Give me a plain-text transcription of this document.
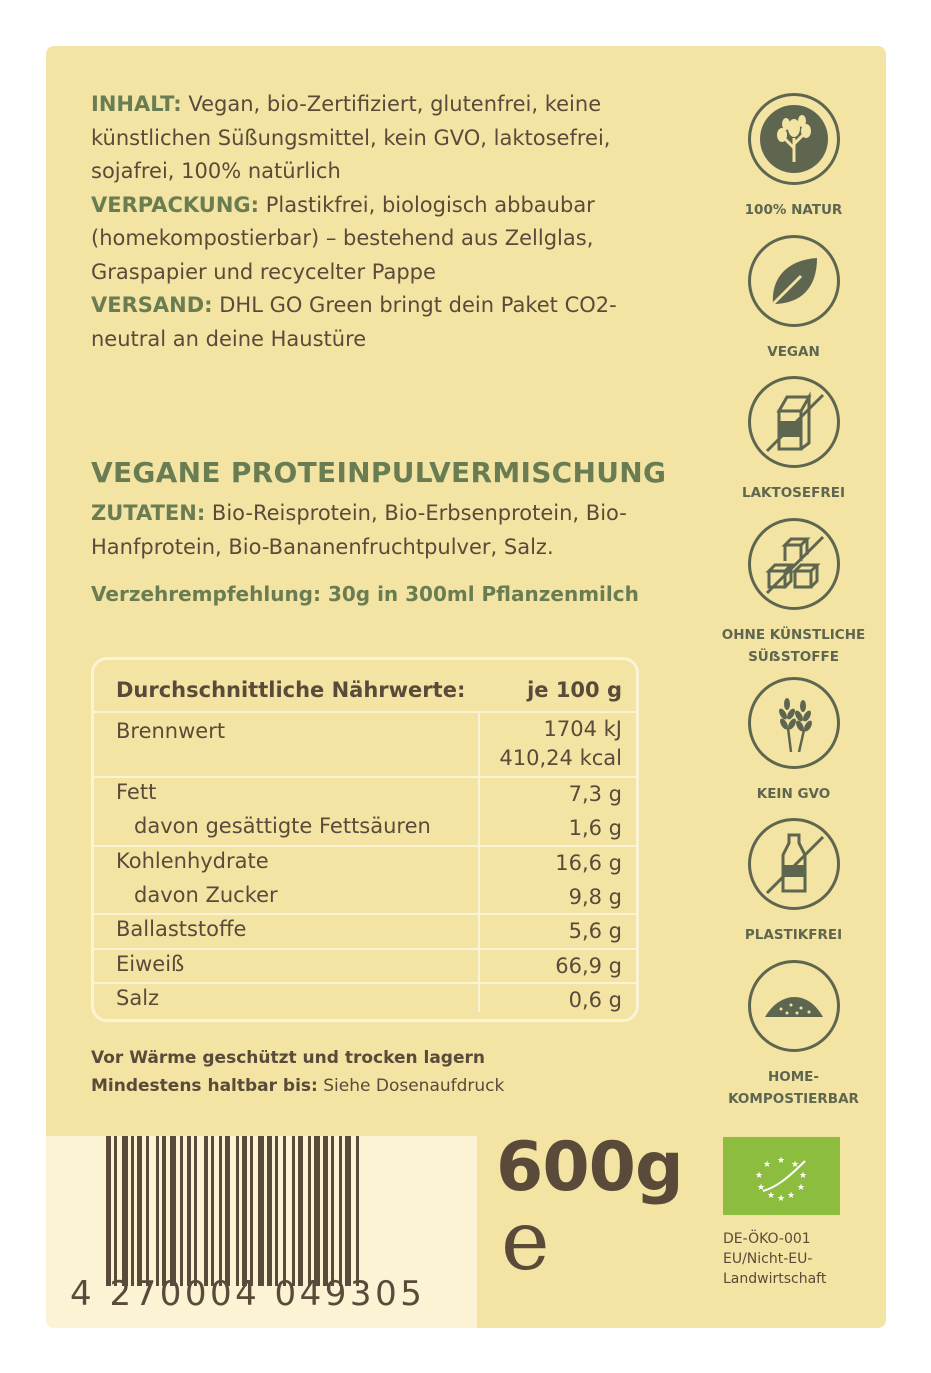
INHALT: Vegan, bio-Zertifiziert, glutenfrei, keine künstlichen Süßungsmittel, kein GVO, laktosefrei, sojafrei, 100% natürlich
VERPACKUNG: Plastikfrei, biologisch abbaubar (homekompostierbar) – bestehend aus Zellglas, Graspapier und recycelter Pappe
VERSAND: DHL GO Green bringt dein Paket CO2-neutral an deine Haustüre
VEGANE PROTEINPULVERMISCHUNG
ZUTATEN: Bio-Reisprotein, Bio-Erbsenprotein, Bio-Hanfprotein, Bio-Bananenfruchtpulver, Salz.
Verzehrempfehlung: 30g in 300ml Pflanzenmilch
Durchschnittliche Nährwerte:	je 100 g
Brennwert	1704 kJ
410,24 kcal
Fett	7,3 g
davon gesättigte Fettsäuren	1,6 g
Kohlenhydrate	16,6 g
davon Zucker	9,8 g
Ballaststoffe	5,6 g
Eiweiß	66,9 g
Salz	0,6 g
Vor Wärme geschützt und trocken lagern
Mindestens haltbar bis: Siehe Dosenaufdruck
100% NATUR
VEGAN
LAKTOSEFREI
OHNE KÜNSTLICHE SÜẞSTOFFE
KEIN GVO
PLASTIKFREI
HOME-KOMPOSTIERBAR
4 270004 049305
600g
e
★
★ ★
★	★
★	★
★ ★
★
DE-ÖKO-001
EU/Nicht-EU-
Landwirtschaft
